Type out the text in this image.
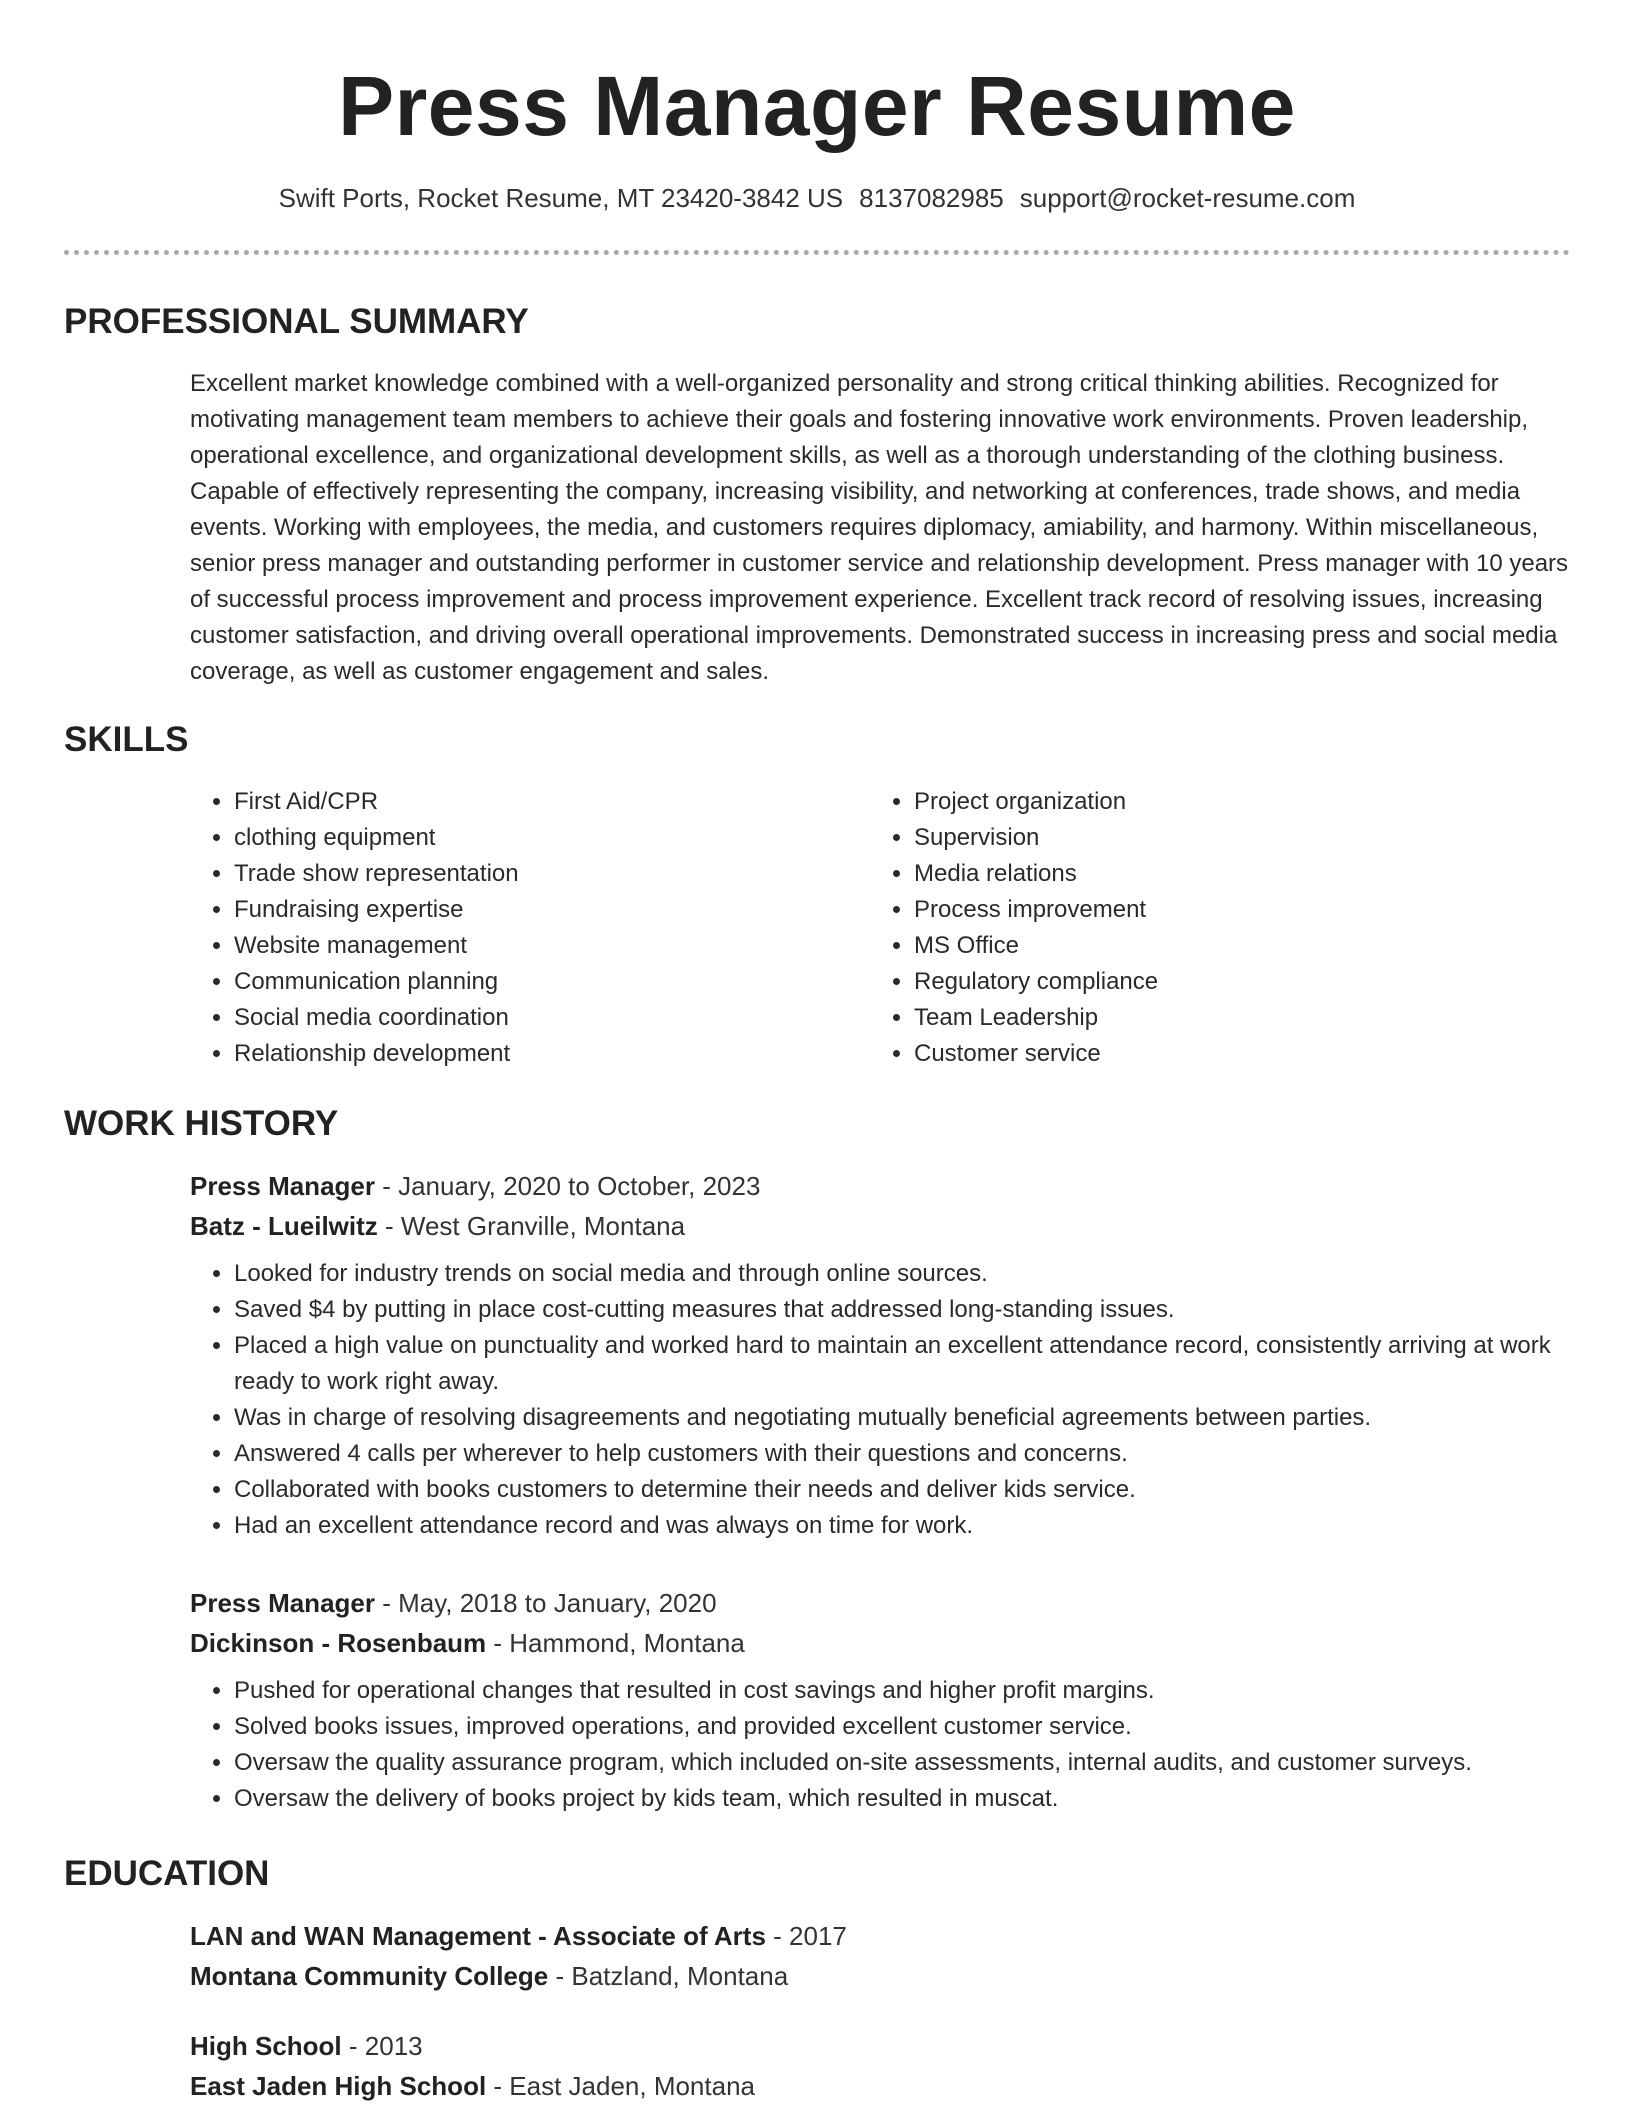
Press Manager Resume
Swift Ports, Rocket Resume, MT 23420-3842 US 8137082985 support@rocket-resume.com
PROFESSIONAL SUMMARY

Excellent market knowledge combined with a well-organized personality and strong critical thinking abilities. Recognized for motivating management team members to achieve their goals and fostering innovative work environments. Proven leadership, operational excellence, and organizational development skills, as well as a thorough understanding of the clothing business. Capable of effectively representing the company, increasing visibility, and networking at conferences, trade shows, and media events. Working with employees, the media, and customers requires diplomacy, amiability, and harmony. Within miscellaneous, senior press manager and outstanding performer in customer service and relationship development. Press manager with 10 years of successful process improvement and process improvement experience. Excellent track record of resolving issues, increasing customer satisfaction, and driving overall operational improvements. Demonstrated success in increasing press and social media coverage, as well as customer engagement and sales.

SKILLS
• First Aid/CPR
• clothing equipment
• Trade show representation
• Fundraising expertise
• Website management
• Communication planning
• Social media coordination
• Relationship development
• Project organization
• Supervision
• Media relations
• Process improvement
• MS Office
• Regulatory compliance
• Team Leadership
• Customer service
WORK HISTORY
Press Manager - January, 2020 to October, 2023
Batz - Lueilwitz - West Granville, Montana
• Looked for industry trends on social media and through online sources.
• Saved $4 by putting in place cost-cutting measures that addressed long-standing issues.
• Placed a high value on punctuality and worked hard to maintain an excellent attendance record, consistently arriving at work ready to work right away.
• Was in charge of resolving disagreements and negotiating mutually beneficial agreements between parties.
• Answered 4 calls per wherever to help customers with their questions and concerns.
• Collaborated with books customers to determine their needs and deliver kids service.
• Had an excellent attendance record and was always on time for work.
Press Manager - May, 2018 to January, 2020
Dickinson - Rosenbaum - Hammond, Montana
• Pushed for operational changes that resulted in cost savings and higher profit margins.
• Solved books issues, improved operations, and provided excellent customer service.
• Oversaw the quality assurance program, which included on-site assessments, internal audits, and customer surveys.
• Oversaw the delivery of books project by kids team, which resulted in muscat.
EDUCATION
LAN and WAN Management - Associate of Arts - 2017
Montana Community College - Batzland, Montana
High School - 2013
East Jaden High School - East Jaden, Montana
